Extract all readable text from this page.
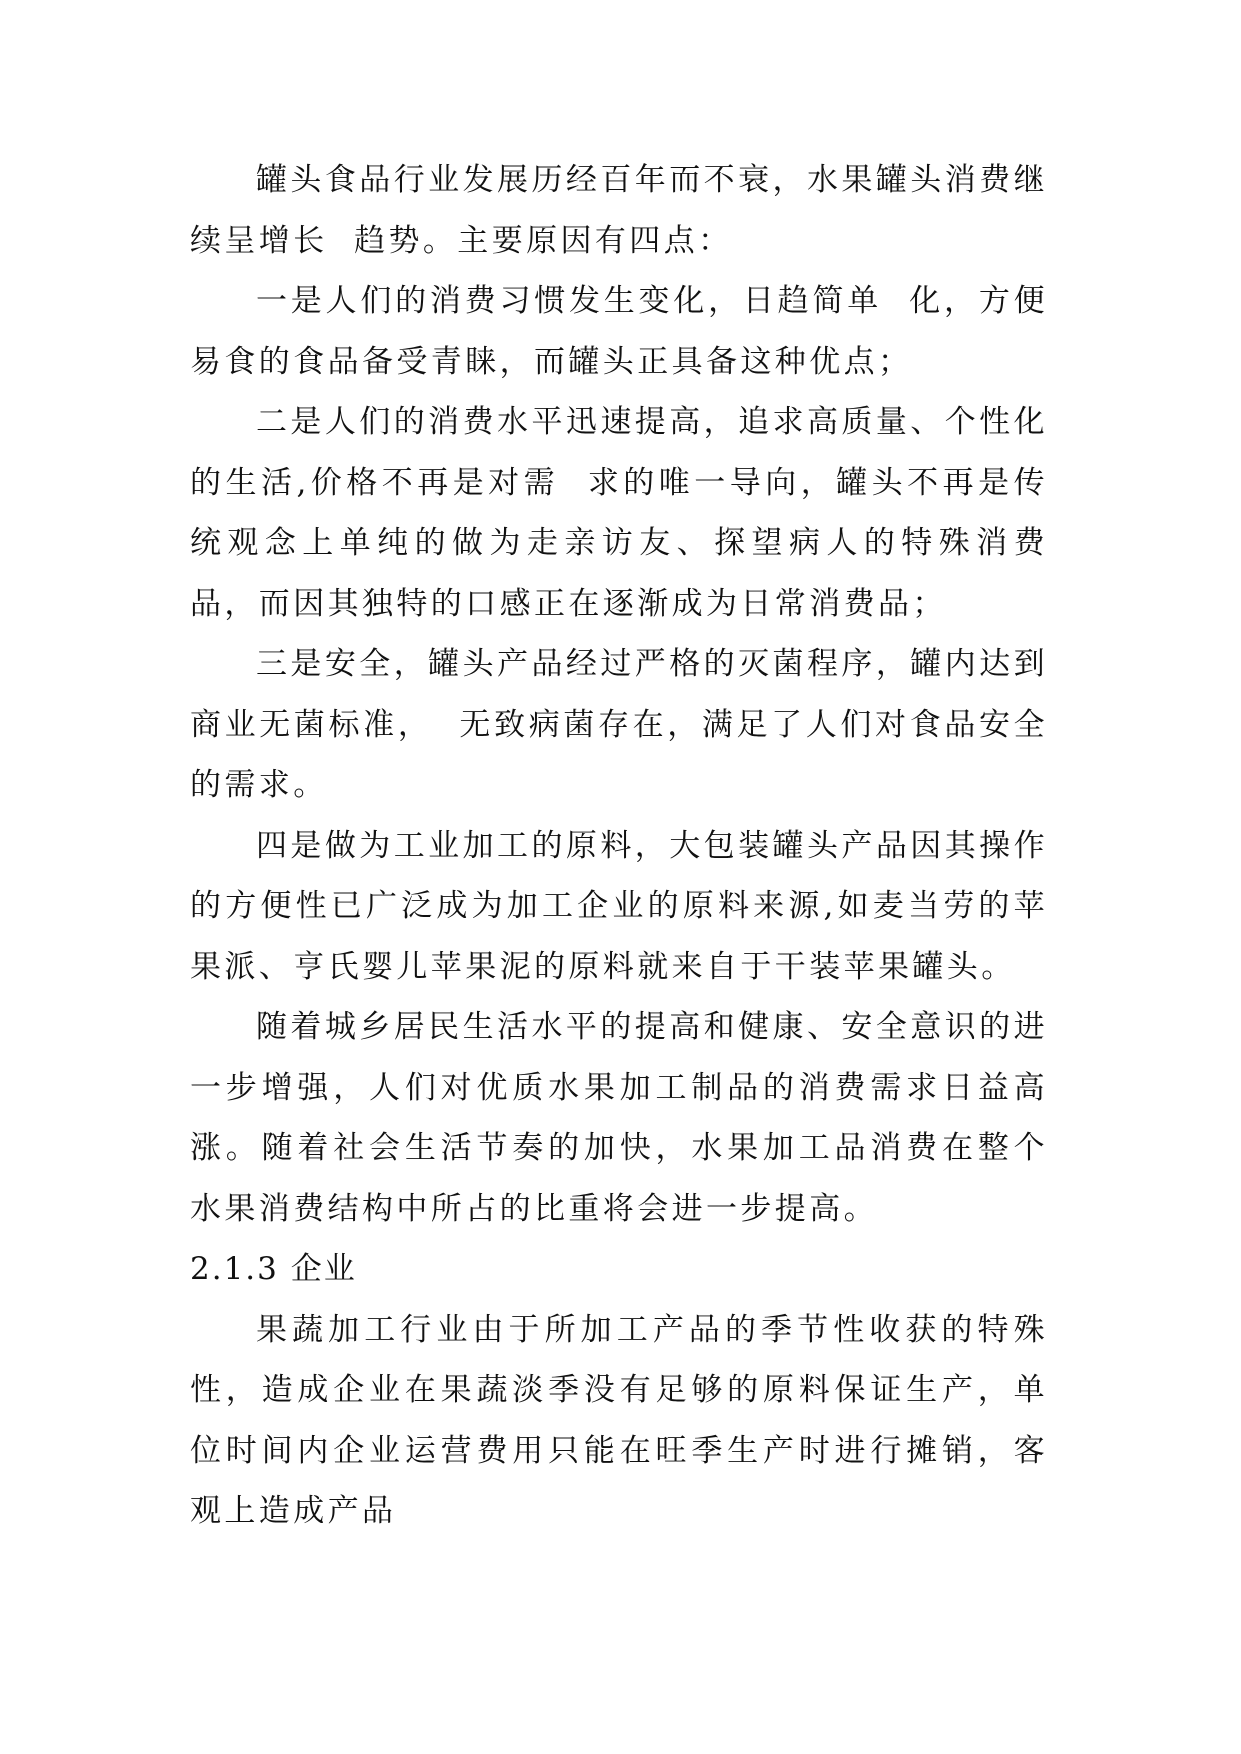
罐头食品行业发展历经百年而不衰，水果罐头消费继续呈增长  趋势。主要原因有四点：

一是人们的消费习惯发生变化，日趋简单  化，方便易食的食品备受青睐，而罐头正具备这种优点；

二是人们的消费水平迅速提高，追求高质量、个性化的生活,价格不再是对需  求的唯一导向，罐头不再是传统观念上单纯的做为走亲访友、探望病人的特殊消费品，而因其独特的口感正在逐渐成为日常消费品；

三是安全，罐头产品经过严格的灭菌程序，罐内达到商业无菌标准，  无致病菌存在，满足了人们对食品安全的需求。

四是做为工业加工的原料，大包装罐头产品因其操作的方便性已广泛成为加工企业的原料来源,如麦当劳的苹果派、亨氏婴儿苹果泥的原料就来自于干装苹果罐头。

随着城乡居民生活水平的提高和健康、安全意识的进一步增强，人们对优质水果加工制品的消费需求日益高涨。随着社会生活节奏的加快，水果加工品消费在整个水果消费结构中所占的比重将会进一步提高。

2.1.3 企业

果蔬加工行业由于所加工产品的季节性收获的特殊性，造成企业在果蔬淡季没有足够的原料保证生产，单位时间内企业运营费用只能在旺季生产时进行摊销，客观上造成产品
